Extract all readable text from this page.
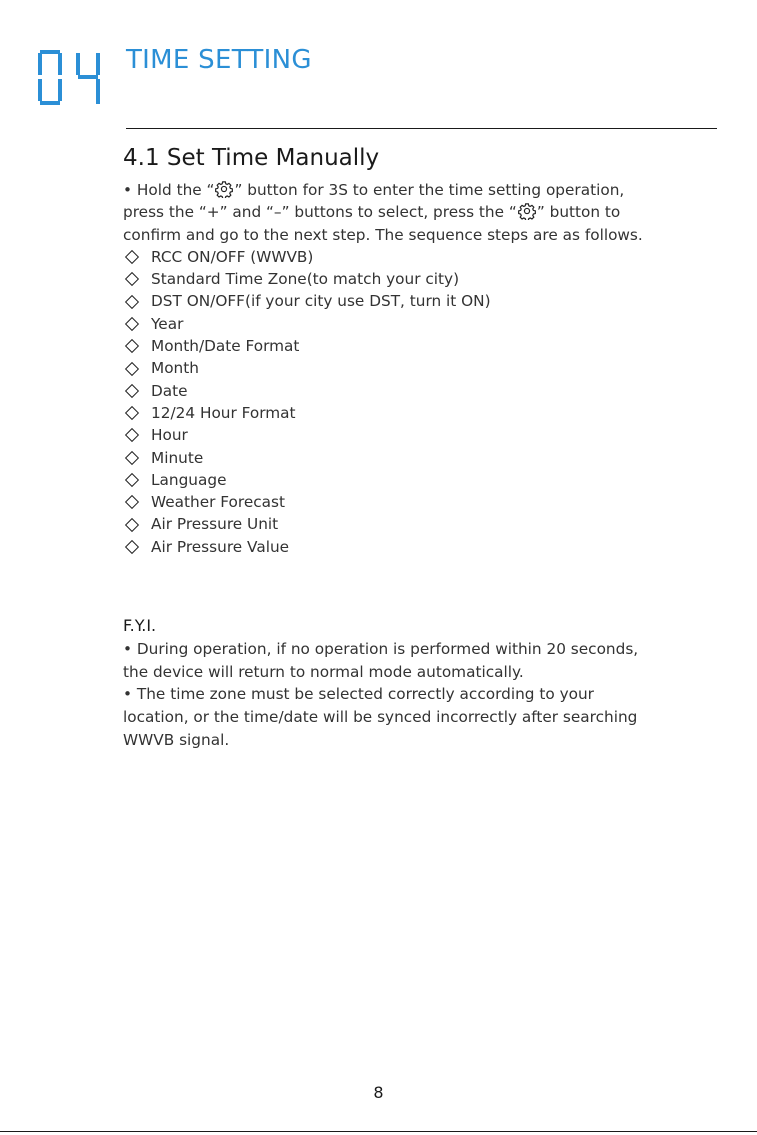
TIME SETTING
4.1 Set Time Manually

• Hold the “ ” button for 3S to enter the time setting operation,

press the “+” and “–” buttons to select, press the “ ” button to

confirm and go to the next step. The sequence steps are as follows.

RCC ON/OFF (WWVB)
Standard Time Zone(to match your city)
DST ON/OFF(if your city use DST, turn it ON)
Year
Month/Date Format
Month
Date
12/24 Hour Format
Hour
Minute
Language
Weather Forecast
Air Pressure Unit
Air Pressure Value

F.Y.I.

• During operation, if no operation is performed within 20 seconds,

the device will return to normal mode automatically.

• The time zone must be selected correctly according to your

location, or the time/date will be synced incorrectly after searching

WWVB signal.

8
